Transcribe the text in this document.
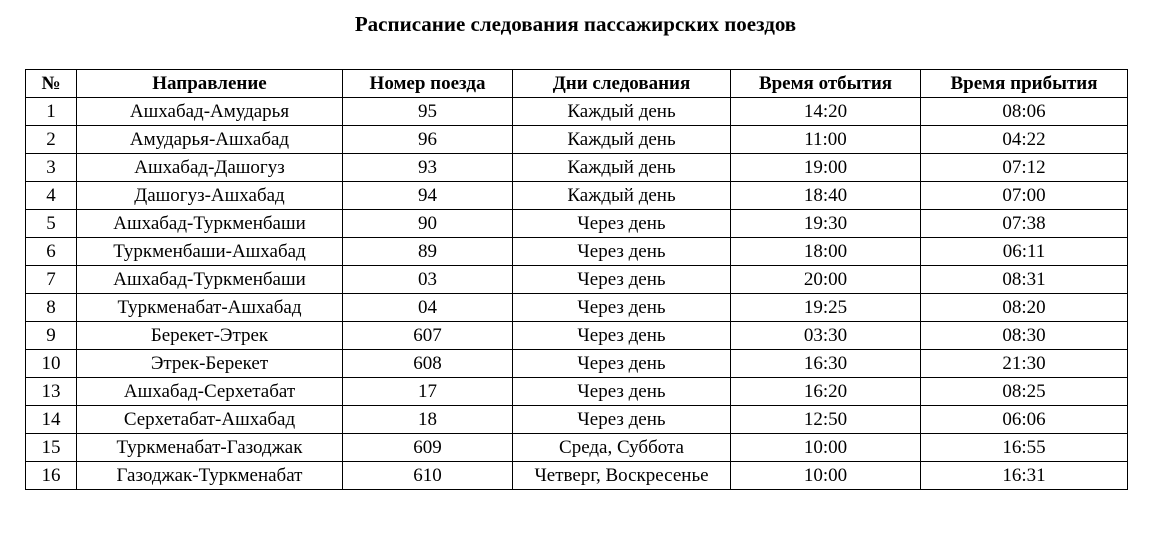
Расписание следования пассажирских поездов
№	Направление	Номер поезда	Дни следования	Время отбытия	Время прибытия
1	Ашхабад-Амударья	95	Каждый день	14:20	08:06
2	Амударья-Ашхабад	96	Каждый день	11:00	04:22
3	Ашхабад-Дашогуз	93	Каждый день	19:00	07:12
4	Дашогуз-Ашхабад	94	Каждый день	18:40	07:00
5	Ашхабад-Туркменбаши	90	Через день	19:30	07:38
6	Туркменбаши-Ашхабад	89	Через день	18:00	06:11
7	Ашхабад-Туркменбаши	03	Через день	20:00	08:31
8	Туркменабат-Ашхабад	04	Через день	19:25	08:20
9	Берекет-Этрек	607	Через день	03:30	08:30
10	Этрек-Берекет	608	Через день	16:30	21:30
13	Ашхабад-Серхетабат	17	Через день	16:20	08:25
14	Серхетабат-Ашхабад	18	Через день	12:50	06:06
15	Туркменабат-Газоджак	609	Среда, Суббота	10:00	16:55
16	Газоджак-Туркменабат	610	Четверг, Воскресенье	10:00	16:31
